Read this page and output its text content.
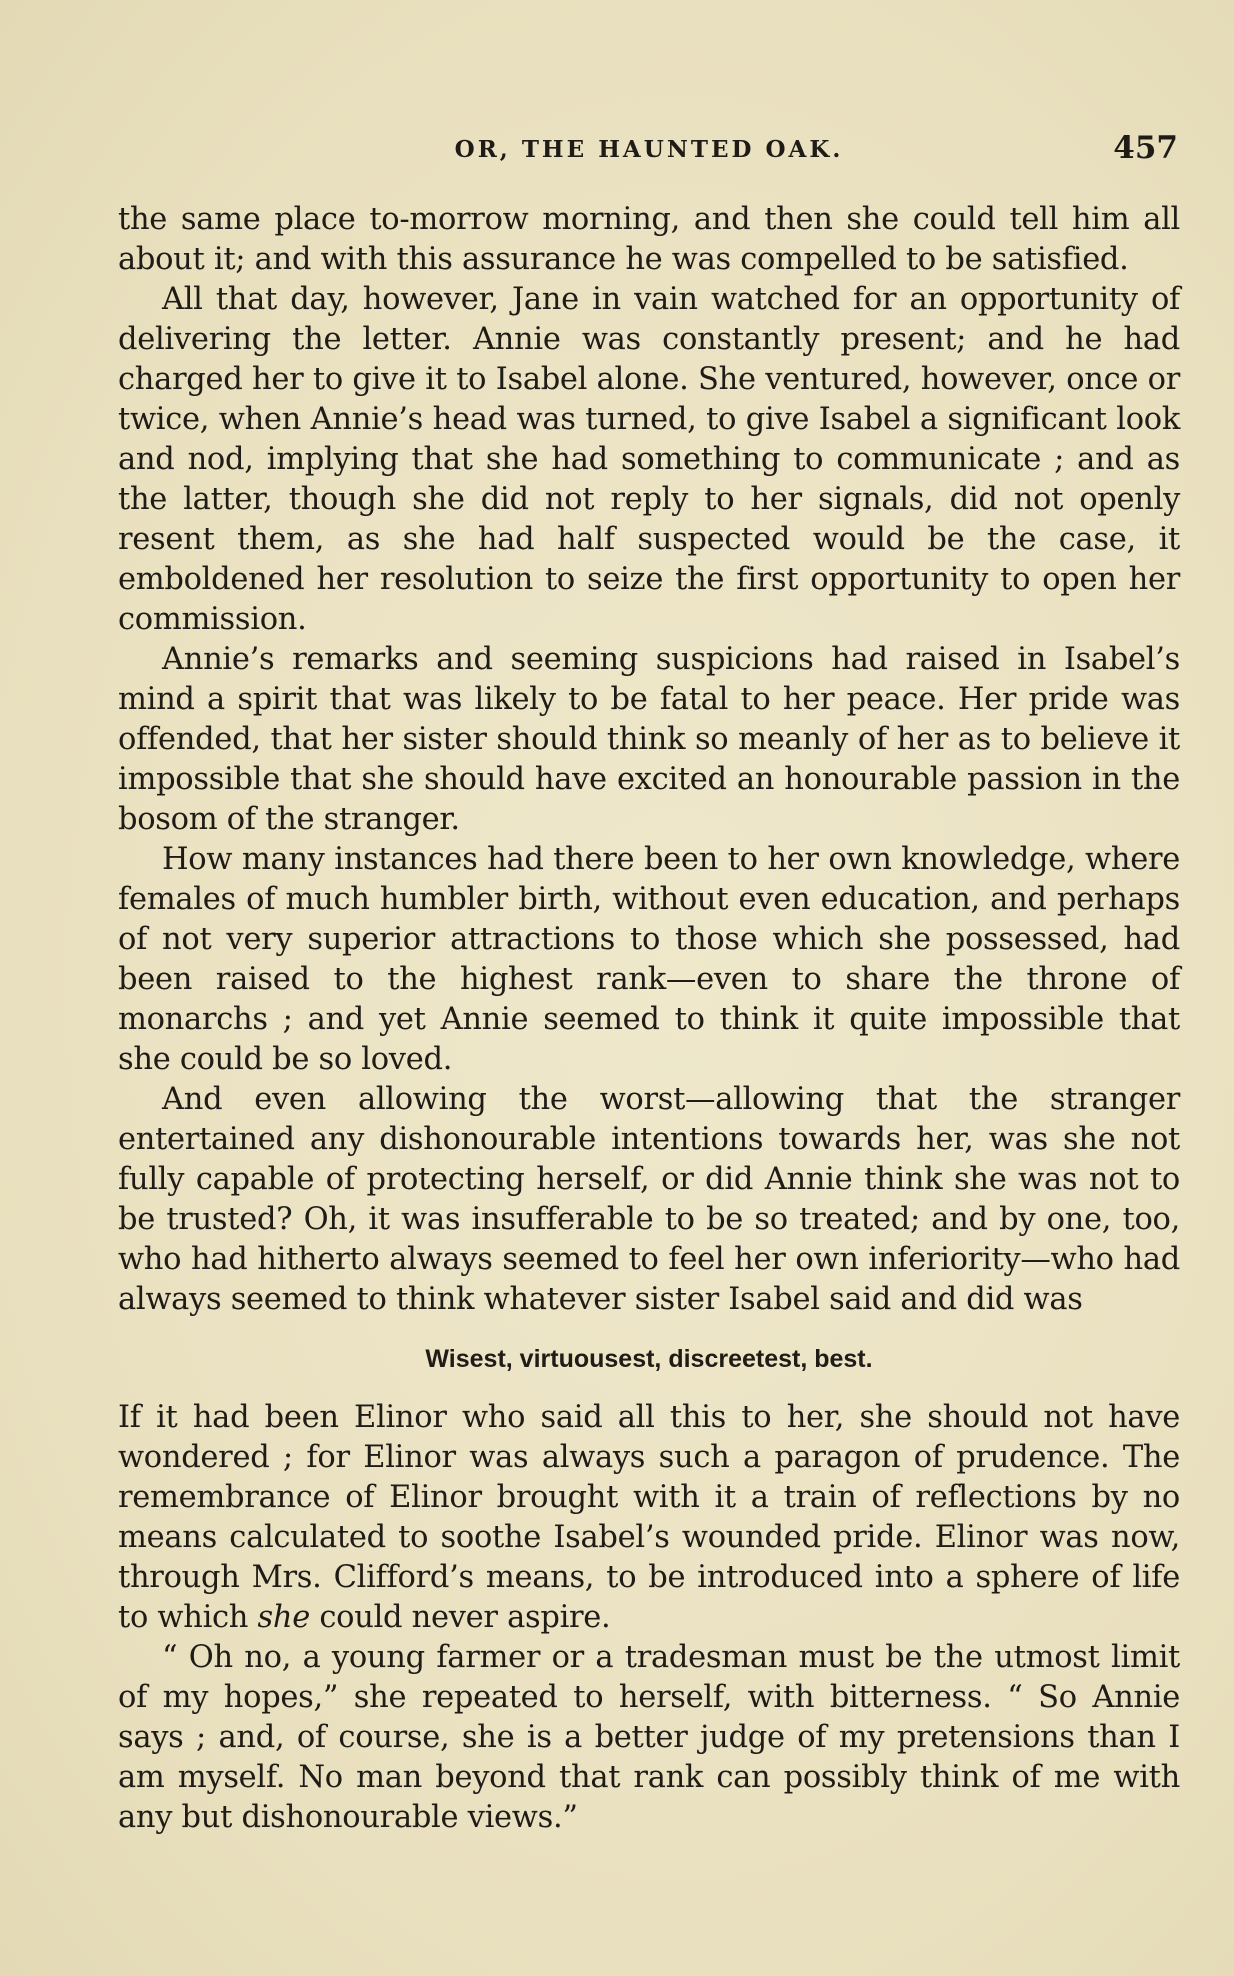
OR, THE HAUNTED OAK.	457

the same place to-morrow morning, and then she could tell him all about it; and with this assurance he was compelled to be satisfied.

All that day, however, Jane in vain watched for an opportunity of delivering the letter. Annie was constantly present; and he had charged her to give it to Isabel alone. She ventured, however, once or twice, when Annie’s head was turned, to give Isabel a significant look and nod, implying that she had something to communicate ; and as the latter, though she did not reply to her signals, did not openly resent them, as she had half suspected would be the case, it emboldened her resolution to seize the first opportunity to open her commission.

Annie’s remarks and seeming suspicions had raised in Isabel’s mind a spirit that was likely to be fatal to her peace. Her pride was offended, that her sister should think so meanly of her as to believe it impossible that she should have excited an honourable passion in the bosom of the stranger.

How many instances had there been to her own knowledge, where females of much humbler birth, without even education, and perhaps of not very superior attractions to those which she possessed, had been raised to the highest rank—even to share the throne of monarchs ; and yet Annie seemed to think it quite impossible that she could be so loved.

And even allowing the worst—allowing that the stranger entertained any dishonourable intentions towards her, was she not fully capable of protecting herself, or did Annie think she was not to be trusted? Oh, it was insufferable to be so treated; and by one, too, who had hitherto always seemed to feel her own inferiority—who had always seemed to think whatever sister Isabel said and did was

Wisest, virtuousest, discreetest, best.

If it had been Elinor who said all this to her, she should not have wondered ; for Elinor was always such a paragon of prudence. The remembrance of Elinor brought with it a train of reflections by no means calculated to soothe Isabel’s wounded pride. Elinor was now, through Mrs. Clifford’s means, to be introduced into a sphere of life to which she could never aspire.

“ Oh no, a young farmer or a tradesman must be the utmost limit of my hopes,” she repeated to herself, with bitterness. “ So Annie says ; and, of course, she is a better judge of my pretensions than I am myself. No man beyond that rank can possibly think of me with any but dishonourable views.”
